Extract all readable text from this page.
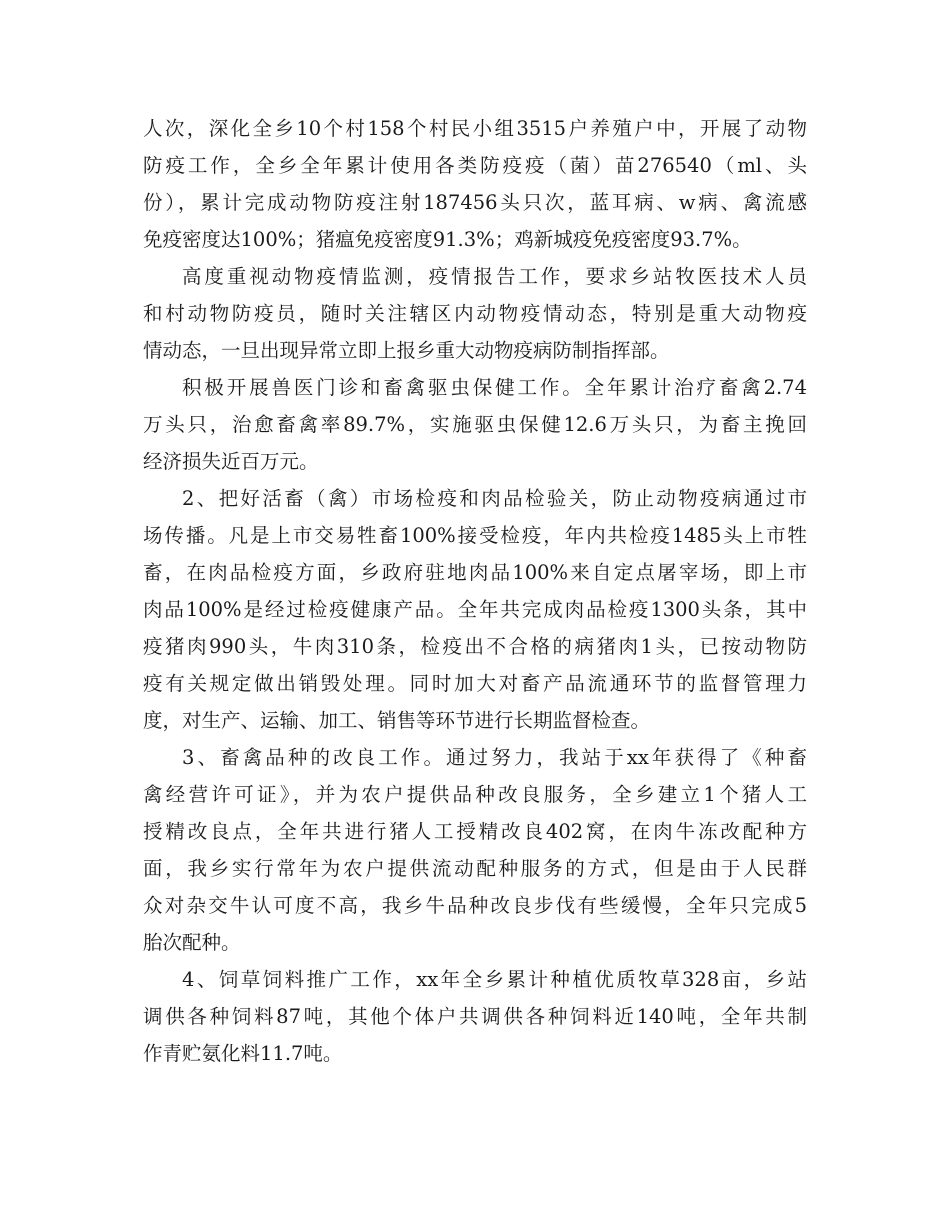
人次，深化全乡10个村158个村民小组3515户养殖户中，开展了动物
防疫工作，全乡全年累计使用各类防疫疫（菌）苗276540（ml、头
份），累计完成动物防疫注射187456头只次，蓝耳病、w病、禽流感
免疫密度达100%；猪瘟免疫密度91.3%；鸡新城疫免疫密度93.7%。
高度重视动物疫情监测，疫情报告工作，要求乡站牧医技术人员
和村动物防疫员，随时关注辖区内动物疫情动态，特别是重大动物疫
情动态，一旦出现异常立即上报乡重大动物疫病防制指挥部。
积极开展兽医门诊和畜禽驱虫保健工作。全年累计治疗畜禽2.74
万头只，治愈畜禽率89.7%，实施驱虫保健12.6万头只，为畜主挽回
经济损失近百万元。
2、把好活畜（禽）市场检疫和肉品检验关，防止动物疫病通过市
场传播。凡是上市交易牲畜100%接受检疫，年内共检疫1485头上市牲
畜，在肉品检疫方面，乡政府驻地肉品100%来自定点屠宰场，即上市
肉品100%是经过检疫健康产品。全年共完成肉品检疫1300头条，其中
疫猪肉990头，牛肉310条，检疫出不合格的病猪肉1头，已按动物防
疫有关规定做出销毁处理。同时加大对畜产品流通环节的监督管理力
度，对生产、运输、加工、销售等环节进行长期监督检查。
3、畜禽品种的改良工作。通过努力，我站于xx年获得了《种畜
禽经营许可证》，并为农户提供品种改良服务，全乡建立1个猪人工
授精改良点，全年共进行猪人工授精改良402窝，在肉牛冻改配种方
面，我乡实行常年为农户提供流动配种服务的方式，但是由于人民群
众对杂交牛认可度不高，我乡牛品种改良步伐有些缓慢，全年只完成5
胎次配种。
4、饲草饲料推广工作，xx年全乡累计种植优质牧草328亩，乡站
调供各种饲料87吨，其他个体户共调供各种饲料近140吨，全年共制
作青贮氨化料11.7吨。
